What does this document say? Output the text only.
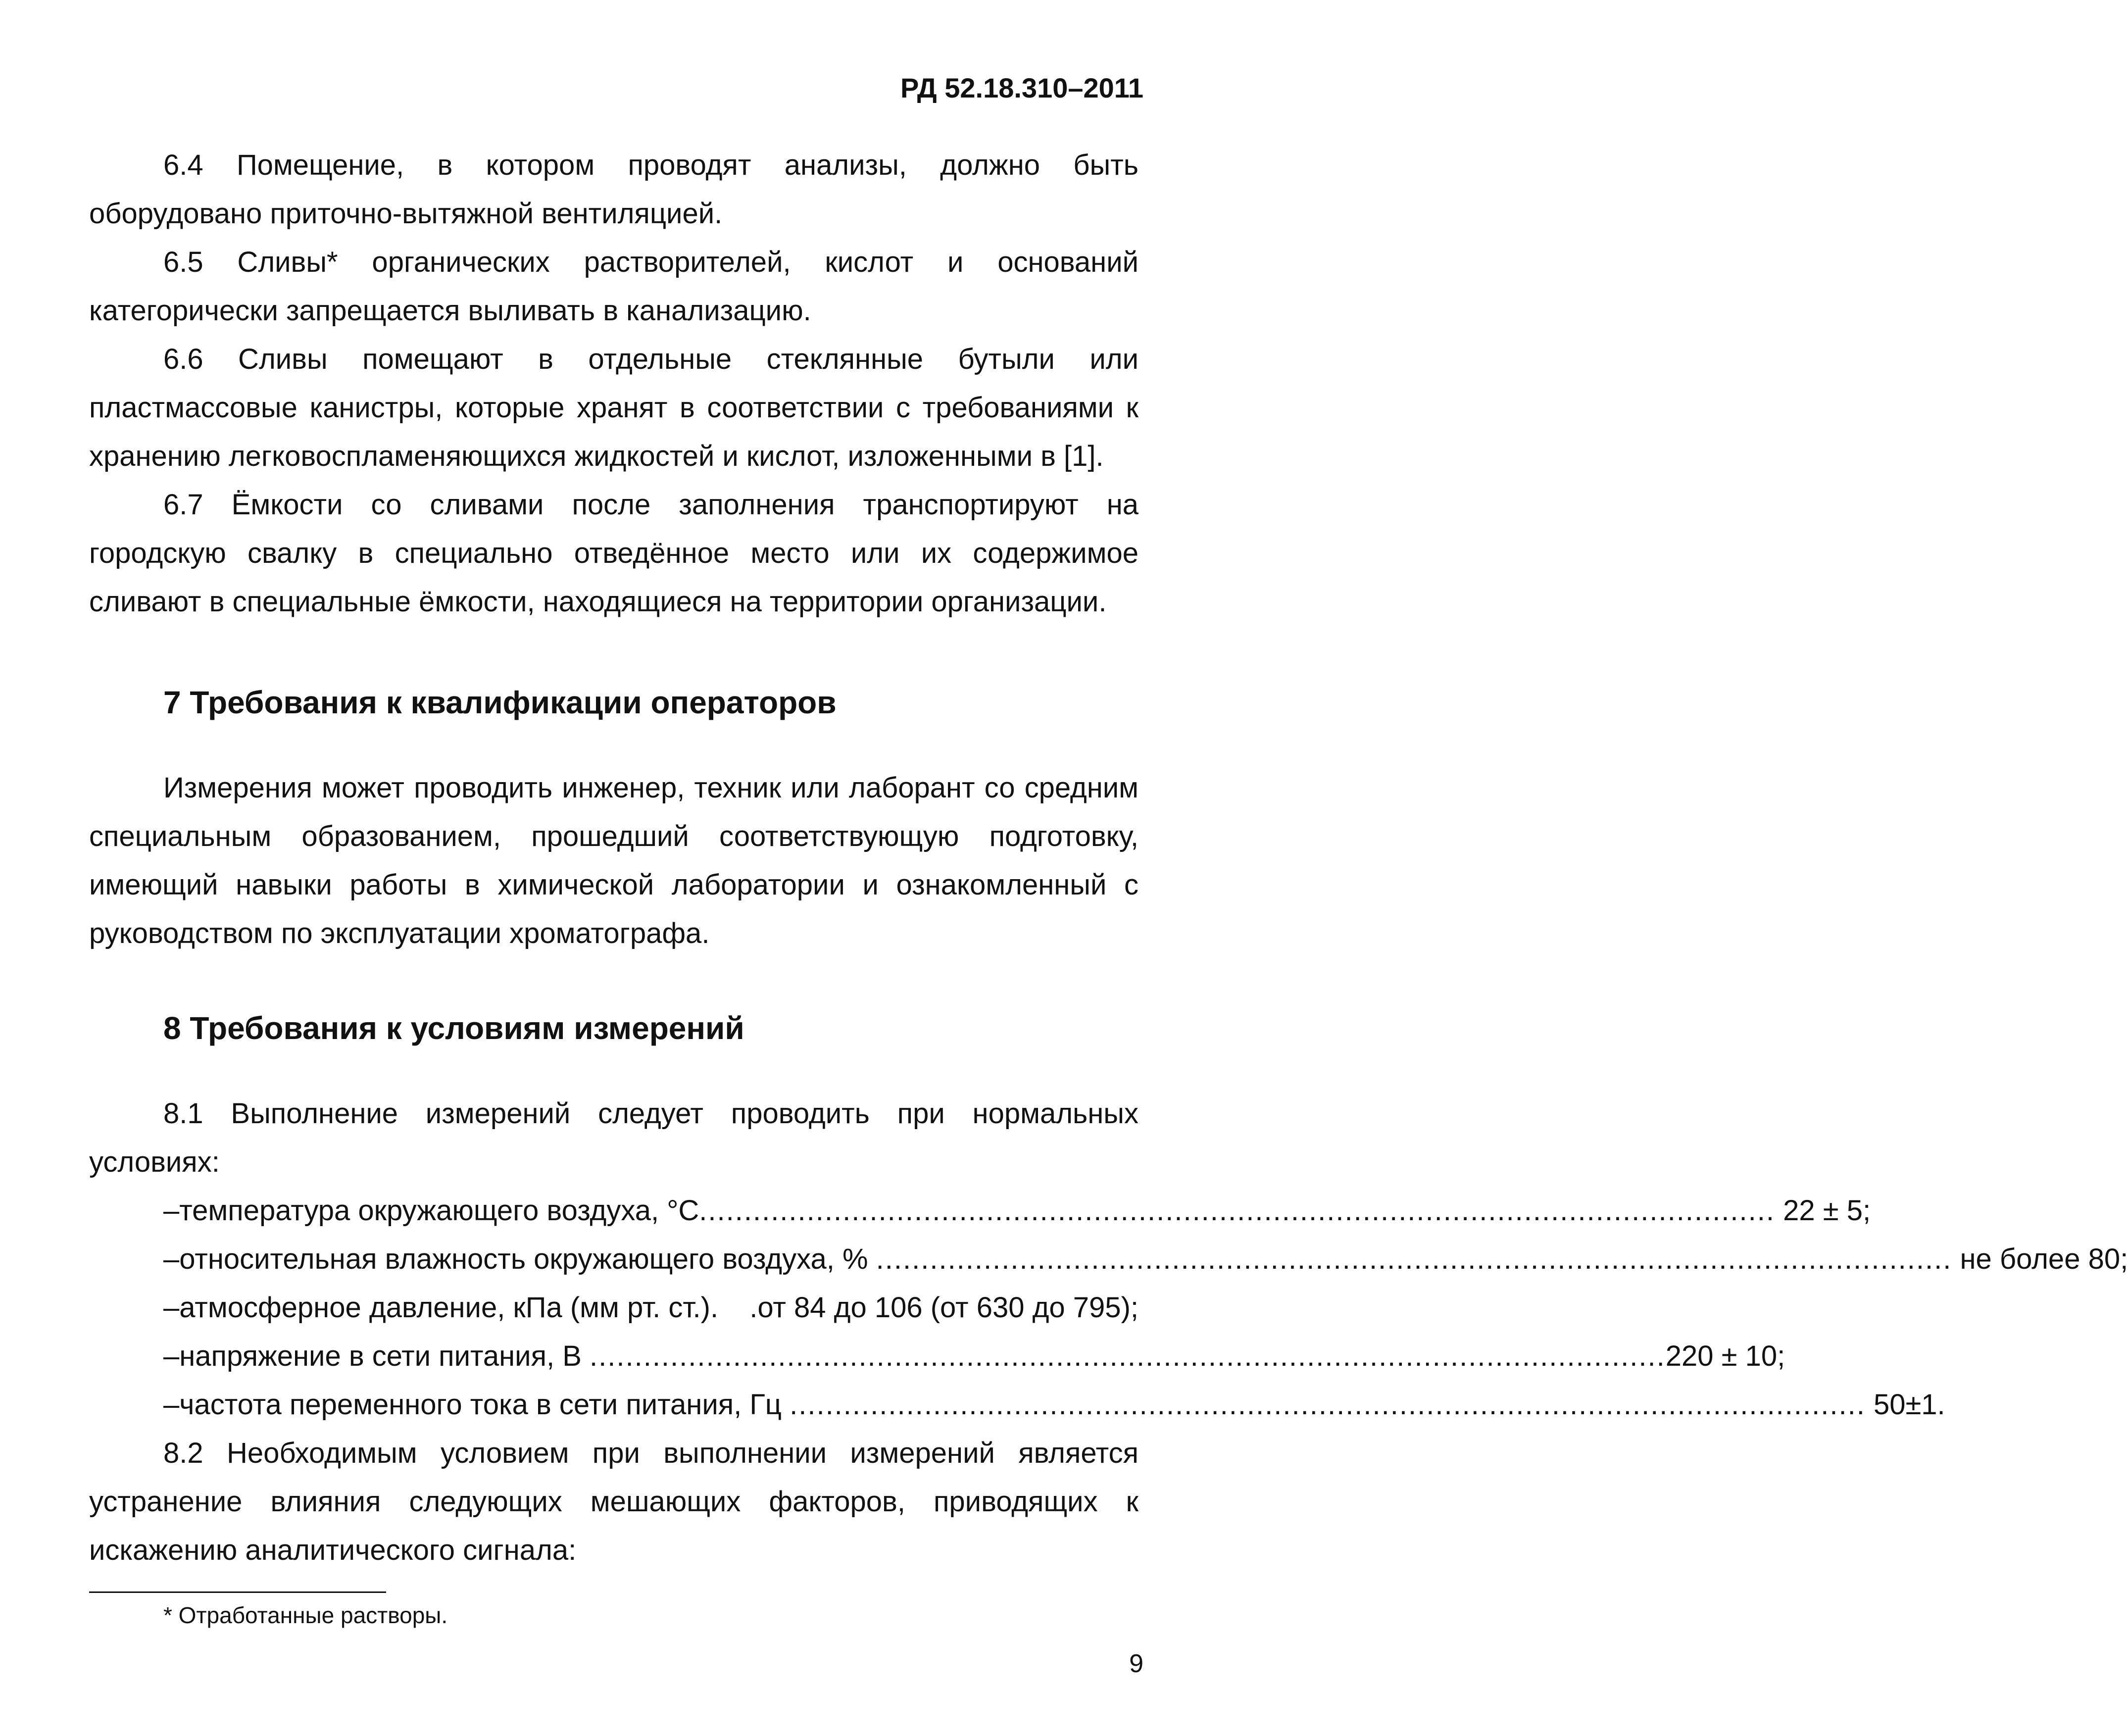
РД 52.18.310–2011

6.4 Помещение, в котором проводят анализы, должно быть оборудовано приточно-вытяжной вентиляцией.

6.5 Сливы* органических растворителей, кислот и оснований категорически запрещается выливать в канализацию.

6.6 Сливы помещают в отдельные стеклянные бутыли или пластмассовые канистры, которые хранят в соответствии с требованиями к хранению легковоспламеняющихся жидкостей и кислот, изложенными в [1].

6.7 Ёмкости со сливами после заполнения транспортируют на городскую свалку в специально отведённое место или их содержимое сливают в специальные ёмкости, находящиеся на территории организации.

7 Требования к квалификации операторов

Измерения может проводить инженер, техник или лаборант со средним специальным образованием, прошедший соответствующую подготовку, имеющий навыки работы в химической лаборатории и ознакомленный с руководством по эксплуатации хроматографа.

8 Требования к условиям измерений

8.1 Выполнение измерений следует проводить при нормальных условиях:

– температура окружающего воздуха, °С ........................................................................................................................ 22 ± 5;
– относительная влажность окружающего воздуха, % ........................................................................................................................ не более 80;
– атмосферное давление, кПа (мм рт. ст.). .от 84 до 106 (от 630 до 795);
– напряжение в сети питания, В ........................................................................................................................ 220 ± 10;
– частота переменного тока в сети питания, Гц ........................................................................................................................ 50±1.

8.2 Необходимым условием при выполнении измерений является устранение влияния следующих мешающих факторов, приводящих к искажению аналитического сигнала:

* Отработанные растворы.
9
